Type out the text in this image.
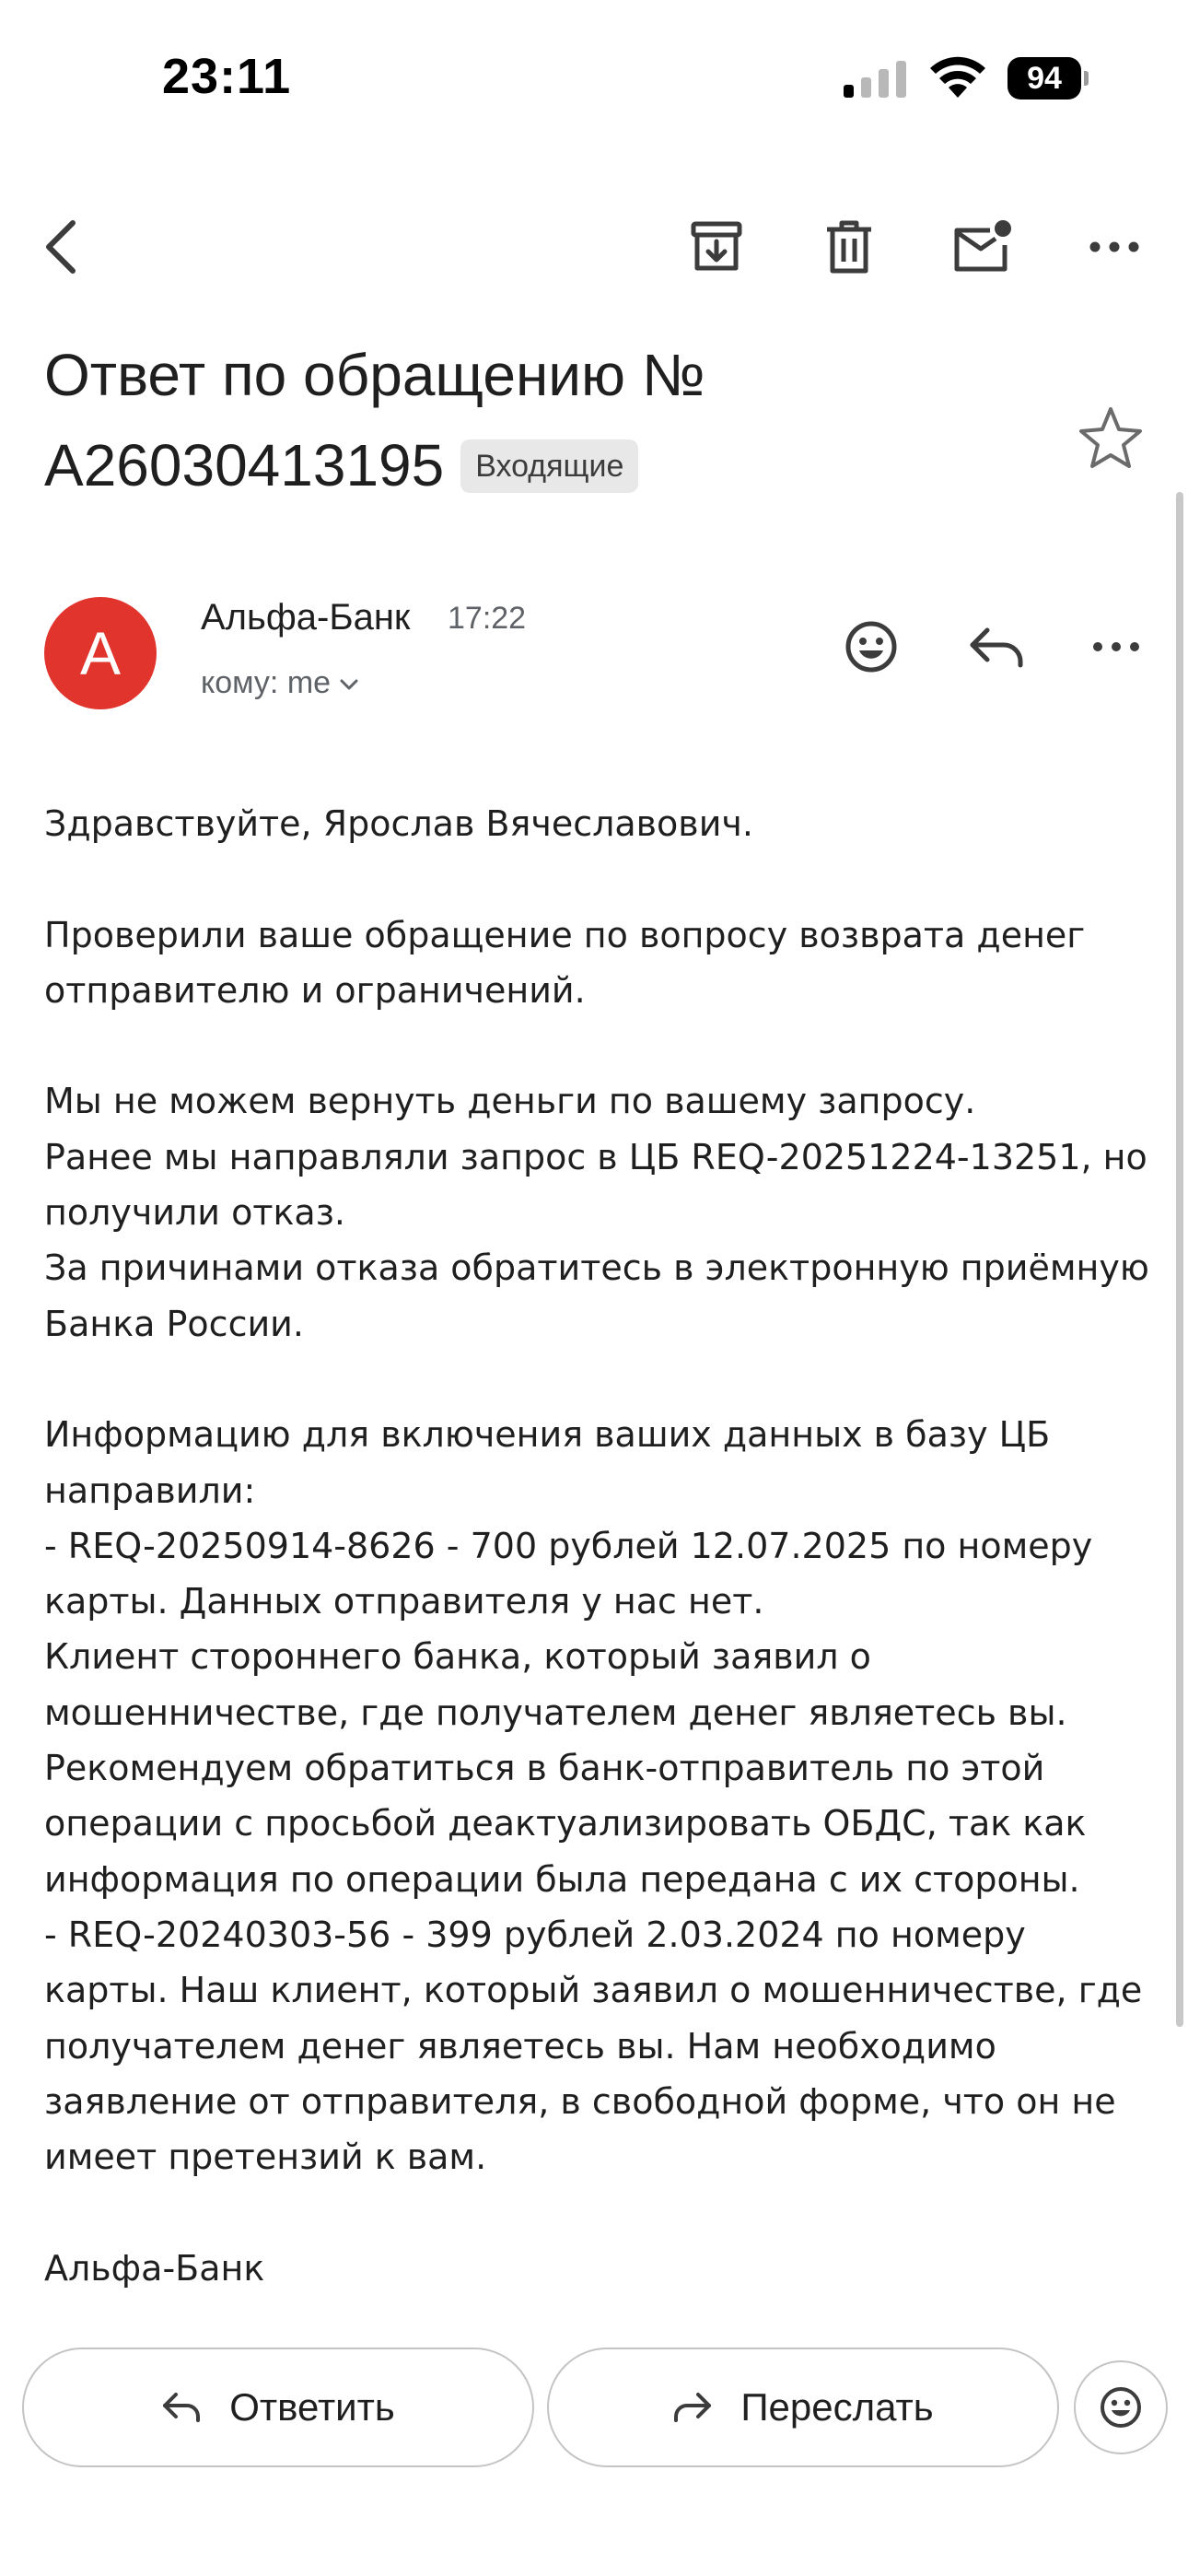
23:11	94
Ответ по обращению № A26030413195 Входящие
А
Альфа-Банк 17:22
кому: me
Здравствуйте, Ярослав Вячеславович.

Проверили ваше обращение по вопросу возврата денег отправителю и ограничений.

Мы не можем вернуть деньги по вашему запросу.
Ранее мы направляли запрос в ЦБ REQ-20251224-13251, но получили отказ.
За причинами отказа обратитесь в электронную приёмную Банка России.

Информацию для включения ваших данных в базу ЦБ направили:
- REQ-20250914-8626 - 700 рублей 12.07.2025 по номеру карты. Данных отправителя у нас нет.
Клиент стороннего банка, который заявил о мошенничестве, где получателем денег являетесь вы. Рекомендуем обратиться в банк-отправитель по этой операции с просьбой деактуализировать ОБДС, так как информация по операции была передана с их стороны.
- REQ-20240303-56 - 399 рублей 2.03.2024 по номеру карты. Наш клиент, который заявил о мошенничестве, где получателем денег являетесь вы. Нам необходимо заявление от отправителя, в свободной форме, что он не имеет претензий к вам.

Альфа-Банк
Ответить	Переслать
